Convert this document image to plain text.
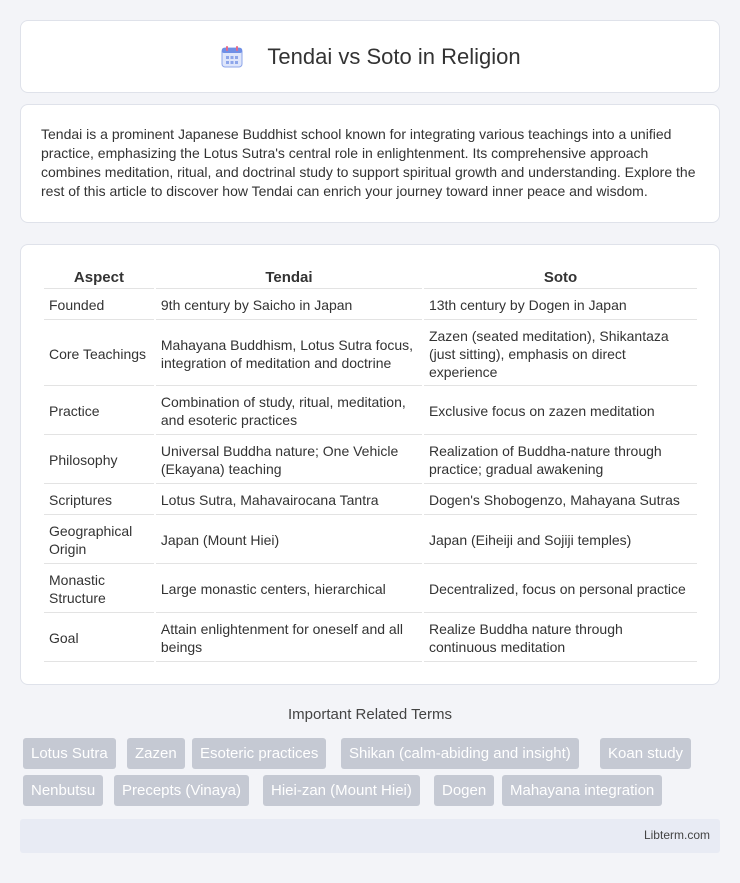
Tendai vs Soto in Religion

Tendai is a prominent Japanese Buddhist school known for integrating various teachings into a unified practice, emphasizing the Lotus Sutra's central role in enlightenment. Its comprehensive approach combines meditation, ritual, and doctrinal study to support spiritual growth and understanding. Explore the rest of this article to discover how Tendai can enrich your journey toward inner peace and wisdom.

Aspect	Tendai	Soto
Founded	9th century by Saicho in Japan	13th century by Dogen in Japan
Core Teachings	Mahayana Buddhism, Lotus Sutra focus, integration of meditation and doctrine	Zazen (seated meditation), Shikantaza (just sitting), emphasis on direct experience
Practice	Combination of study, ritual, meditation, and esoteric practices	Exclusive focus on zazen meditation
Philosophy	Universal Buddha nature; One Vehicle (Ekayana) teaching	Realization of Buddha-nature through practice; gradual awakening
Scriptures	Lotus Sutra, Mahavairocana Tantra	Dogen's Shobogenzo, Mahayana Sutras
Geographical Origin	Japan (Mount Hiei)	Japan (Eiheiji and Sojiji temples)
Monastic Structure	Large monastic centers, hierarchical	Decentralized, focus on personal practice
Goal	Attain enlightenment for oneself and all beings	Realize Buddha nature through continuous meditation
Important Related Terms
Lotus Sutra	Zazen	Esoteric practices	Shikan (calm-abiding and insight)	Koan study
Nenbutsu	Precepts (Vinaya)	Hiei-zan (Mount Hiei)	Dogen	Mahayana integration
Libterm.com
